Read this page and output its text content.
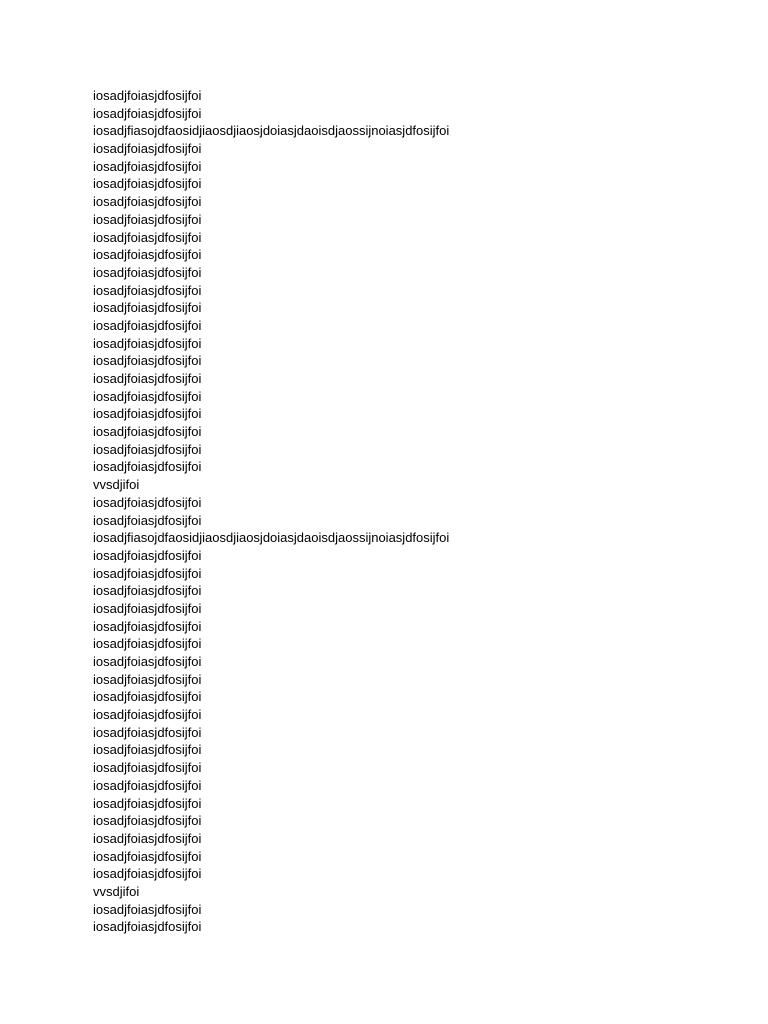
iosadjfoiasjdfosijfoi
iosadjfoiasjdfosijfoi
iosadjfiasojdfaosidjiaosdjiaosjdoiasjdaoisdjaossijnoiasjdfosijfoi
iosadjfoiasjdfosijfoi
iosadjfoiasjdfosijfoi
iosadjfoiasjdfosijfoi
iosadjfoiasjdfosijfoi
iosadjfoiasjdfosijfoi
iosadjfoiasjdfosijfoi
iosadjfoiasjdfosijfoi
iosadjfoiasjdfosijfoi
iosadjfoiasjdfosijfoi
iosadjfoiasjdfosijfoi
iosadjfoiasjdfosijfoi
iosadjfoiasjdfosijfoi
iosadjfoiasjdfosijfoi
iosadjfoiasjdfosijfoi
iosadjfoiasjdfosijfoi
iosadjfoiasjdfosijfoi
iosadjfoiasjdfosijfoi
iosadjfoiasjdfosijfoi
iosadjfoiasjdfosijfoi
vvsdjifoi
iosadjfoiasjdfosijfoi
iosadjfoiasjdfosijfoi
iosadjfiasojdfaosidjiaosdjiaosjdoiasjdaoisdjaossijnoiasjdfosijfoi
iosadjfoiasjdfosijfoi
iosadjfoiasjdfosijfoi
iosadjfoiasjdfosijfoi
iosadjfoiasjdfosijfoi
iosadjfoiasjdfosijfoi
iosadjfoiasjdfosijfoi
iosadjfoiasjdfosijfoi
iosadjfoiasjdfosijfoi
iosadjfoiasjdfosijfoi
iosadjfoiasjdfosijfoi
iosadjfoiasjdfosijfoi
iosadjfoiasjdfosijfoi
iosadjfoiasjdfosijfoi
iosadjfoiasjdfosijfoi
iosadjfoiasjdfosijfoi
iosadjfoiasjdfosijfoi
iosadjfoiasjdfosijfoi
iosadjfoiasjdfosijfoi
iosadjfoiasjdfosijfoi
vvsdjifoi
iosadjfoiasjdfosijfoi
iosadjfoiasjdfosijfoi
